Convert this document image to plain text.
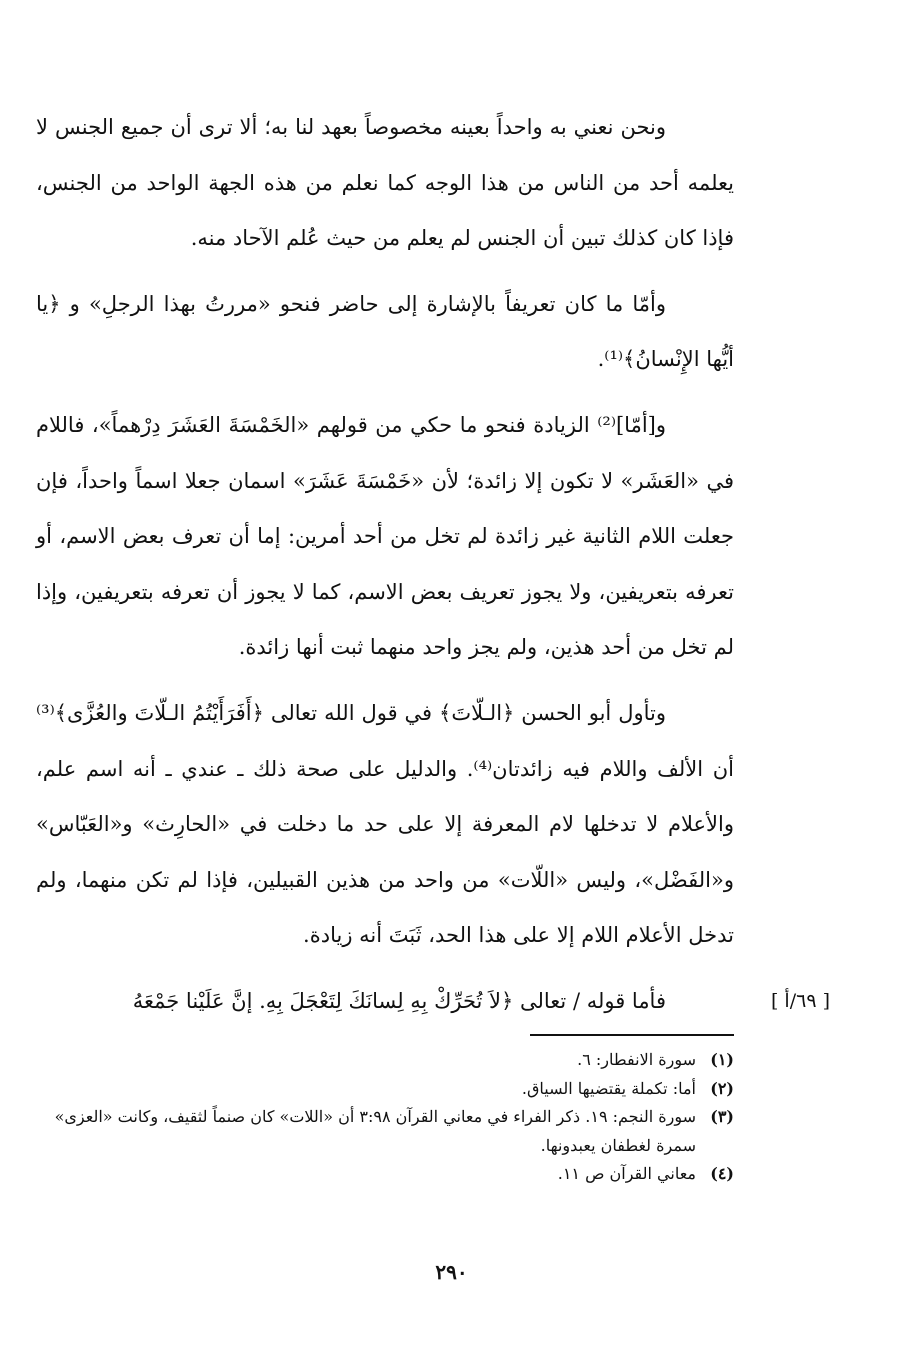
ونحن نعني به واحداً بعينه مخصوصاً بعهد لنا به؛ ألا ترى أن جميع الجنس لا يعلمه أحد من الناس من هذا الوجه كما نعلم من هذه الجهة الواحد من الجنس، فإذا كان كذلك تبين أن الجنس لم يعلم من حيث عُلم الآحاد منه.

وأمّا ما كان تعريفاً بالإشارة إلى حاضر فنحو «مررتُ بهذا الرجلِ» و ﴿يا أيُّها الإِنْسانُ﴾⁽¹⁾.

و[أمّا]⁽²⁾ الزيادة فنحو ما حكي من قولهم «الخَمْسَةَ العَشَرَ دِرْهماً»، فاللام في «العَشَر» لا تكون إلا زائدة؛ لأن «خَمْسَةَ عَشَرَ» اسمان جعلا اسماً واحداً، فإن جعلت اللام الثانية غير زائدة لم تخل من أحد أمرين: إما أن تعرف بعض الاسم، أو تعرفه بتعريفين، ولا يجوز تعريف بعض الاسم، كما لا يجوز أن تعرفه بتعريفين، وإذا لم تخل من أحد هذين، ولم يجز واحد منهما ثبت أنها زائدة.

وتأول أبو الحسن ﴿الـلّاتَ﴾ في قول الله تعالى ﴿أَفَرَأَيْتُمُ الـلّاتَ والعُزَّى﴾⁽³⁾ أن الألف واللام فيه زائدتان⁽⁴⁾. والدليل على صحة ذلك ـ عندي ـ أنه اسم علم، والأعلام لا تدخلها لام المعرفة إلا على حد ما دخلت في «الحارِث» و«العَبّاس» و«الفَضْل»، وليس «اللّات» من واحد من هذين القبيلين، فإذا لم تكن منهما، ولم تدخل الأعلام اللام إلا على هذا الحد، ثَبَتَ أنه زيادة.

فأما قوله / تعالى ﴿لاَ تُحَرِّكْ بِهِ لِسانَكَ لِتَعْجَلَ بِهِ. إنَّ عَلَيْنا جَمْعَهُ	[ ٦٩/أ ]

(١)سورة الانفطار: ٦.

(٢)أما: تكملة يقتضيها السياق.

(٣)سورة النجم: ١٩. ذكر الفراء في معاني القرآن ٣:٩٨ أن «اللات» كان صنماً لثقيف، وكانت «العزى» سمرة لغطفان يعبدونها.

(٤)معاني القرآن ص ١١.

٢٩٠
